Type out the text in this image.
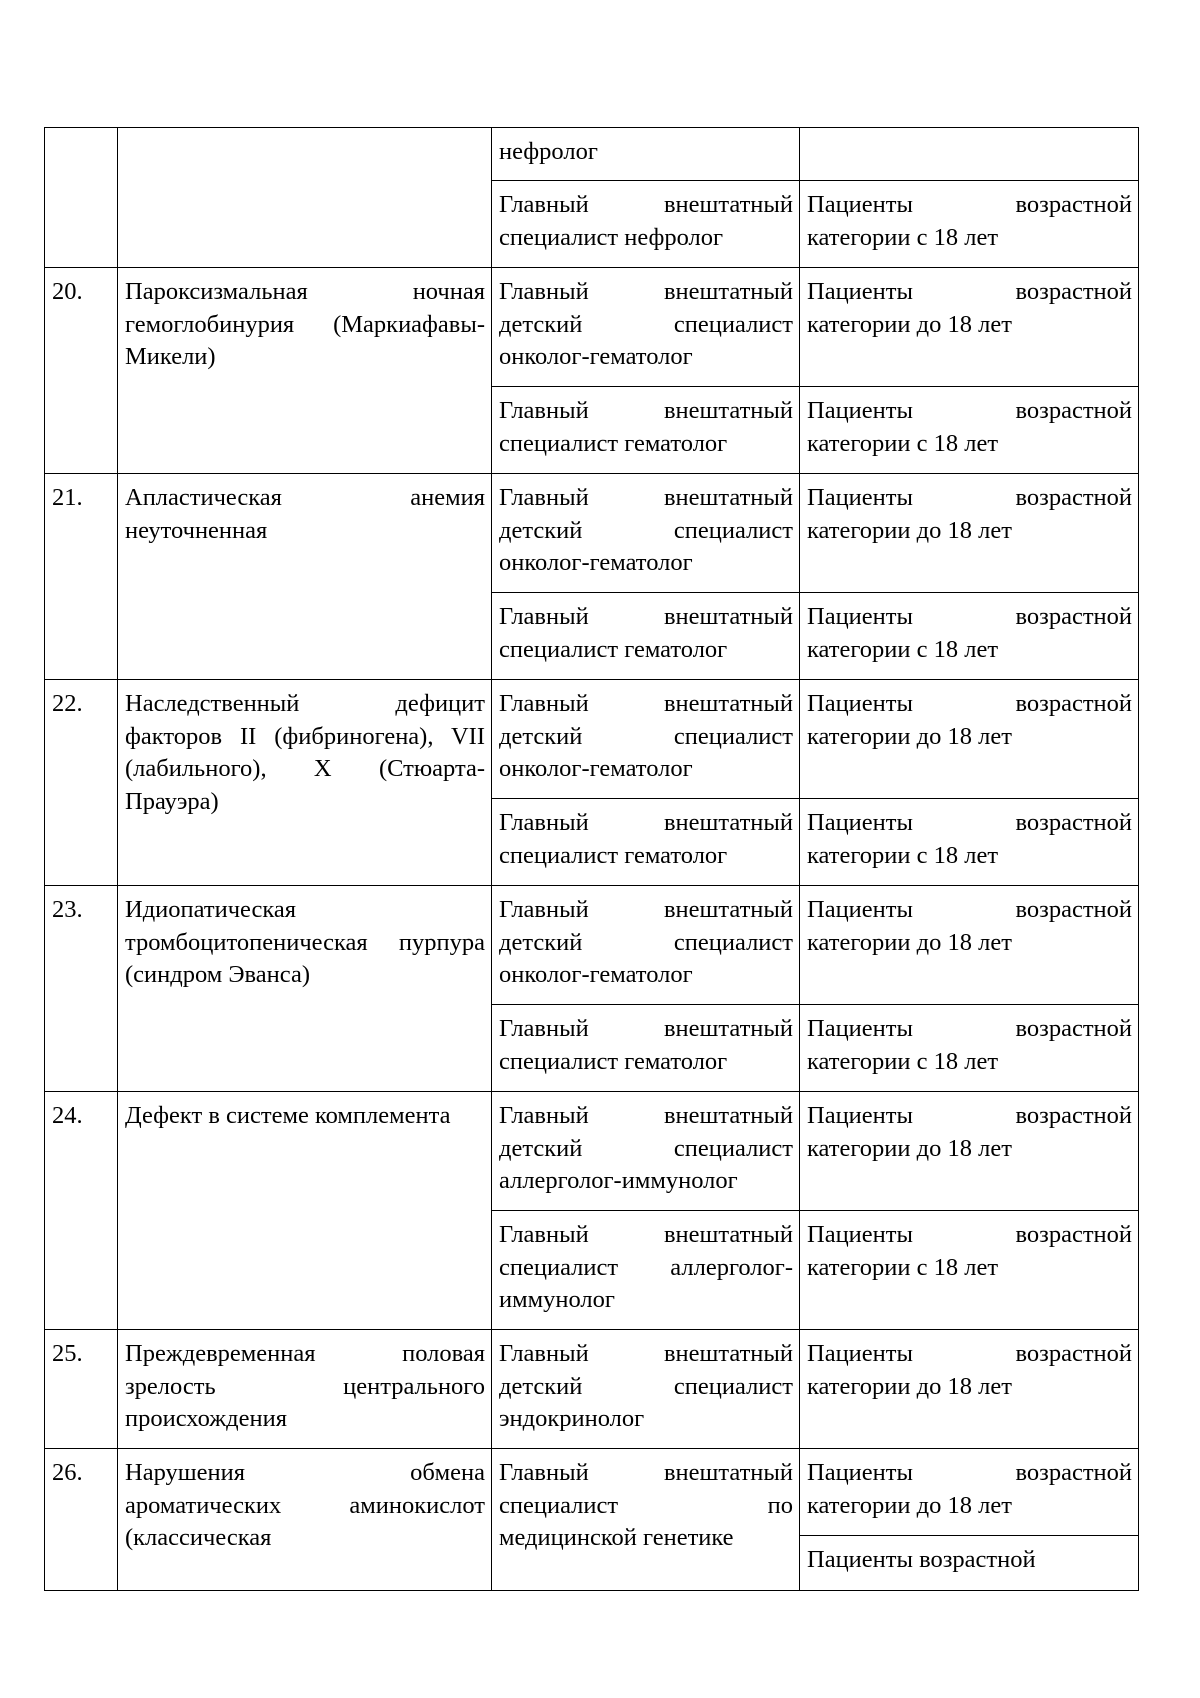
		нефролог	
		Главный внештатный специалист нефролог	Пациенты возрастной категории с 18 лет
20.	Пароксизмальная ночная гемоглобинурия (Маркиафавы-Микели)	Главный внештатный детский специалист онколог-гематолог	Пациенты возрастной категории до 18 лет
		Главный внештатный специалист гематолог	Пациенты возрастной категории с 18 лет
21.	Апластическая анемия неуточненная	Главный внештатный детский специалист онколог-гематолог	Пациенты возрастной категории до 18 лет
		Главный внештатный специалист гематолог	Пациенты возрастной категории с 18 лет
22.	Наследственный дефицит факторов II (фибриногена), VII (лабильного), X (Стюарта-Прауэра)	Главный внештатный детский специалист онколог-гематолог	Пациенты возрастной категории до 18 лет
		Главный внештатный специалист гематолог	Пациенты возрастной категории с 18 лет
23.	Идиопатическая тромбоцитопеническая пурпура (синдром Эванса)	Главный внештатный детский специалист онколог-гематолог	Пациенты возрастной категории до 18 лет
		Главный внештатный специалист гематолог	Пациенты возрастной категории с 18 лет
24.	Дефект в системе комплемента	Главный внештатный детский специалист аллерголог-иммунолог	Пациенты возрастной категории до 18 лет
		Главный внештатный специалист аллерголог-иммунолог	Пациенты возрастной категории с 18 лет
25.	Преждевременная половая зрелость центрального происхождения	Главный внештатный детский специалист эндокринолог	Пациенты возрастной категории до 18 лет
26.	Нарушения обмена ароматических аминокислот (классическая	Главный внештатный специалист по медицинской генетике	Пациенты возрастной категории до 18 лет
			Пациенты возрастной
